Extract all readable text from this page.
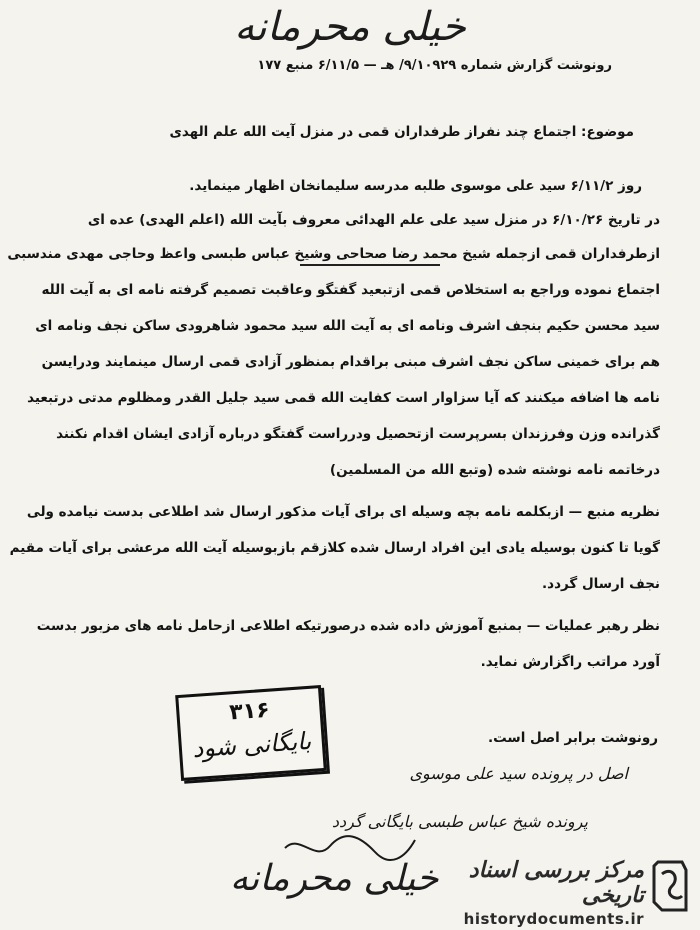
خیلی محرمانه
رونوشت گزارش شماره ۹/۱۰۹۲۹/ هـ — ۶/۱۱/۵ منبع ۱۷۷
موضوع: اجتماع چند نفراز طرفداران قمی در منزل آیت الله علم الهدی
روز ۶/۱۱/۲ سید علی موسوی طلبه مدرسه سلیمانخان اظهار مینماید.
در تاریخ ۶/۱۰/۲۶ در منزل سید علی علم الهدائی معروف بآیت الله (اعلم الهدی) عده ای
ازطرفداران قمی ازجمله شیخ محمد رضا صحاحی وشیخ عباس طبسی واعظ وحاجی مهدی مندسبی
اجتماع نموده وراجع به استخلاص قمی ازتبعید گفتگو وعاقبت تصمیم گرفته نامه ای به آیت الله
سید محسن حکیم بنجف اشرف ونامه ای به آیت الله سید محمود شاهرودی ساکن نجف ونامه ای
هم برای خمینی ساکن نجف اشرف مبنی براقدام بمنظور آزادی قمی ارسال مینمایند ودرایسن
نامه ها اضافه میکنند که آیا سزاوار است کفایت الله قمی سید جلیل القدر ومظلوم مدتی درتبعید
گذرانده وزن وفرزندان بسرپرست ازتحصیل ودرراست گفتگو درباره آزادی ایشان اقدام نکنند
درخاتمه نامه نوشته شده (وتبع الله من المسلمین)
نظریه منبع — ازبکلمه نامه بچه وسیله ای برای آیات مذکور ارسال شد اطلاعی بدست نیامده ولی
گویا تا کنون بوسیله یادی این افراد ارسال شده کلازقم بازبوسیله آیت الله مرعشی برای آیات مقیم
نجف ارسال گردد.
نظر رهبر عملیات — بمنبع آموزش داده شده درصورتیکه اطلاعی ازحامل نامه های مزبور بدست
آورد مراتب راگزارش نماید.
۳۱۶
بایگانی شود	رونوشت برابر اصل است.
اصل در پرونده سید علی موسوی
پرونده شیخ عباس طبسی بایگانی گردد
خیلی محرمانه	مرکز بررسی اسناد تاریخی
historydocuments.ir
